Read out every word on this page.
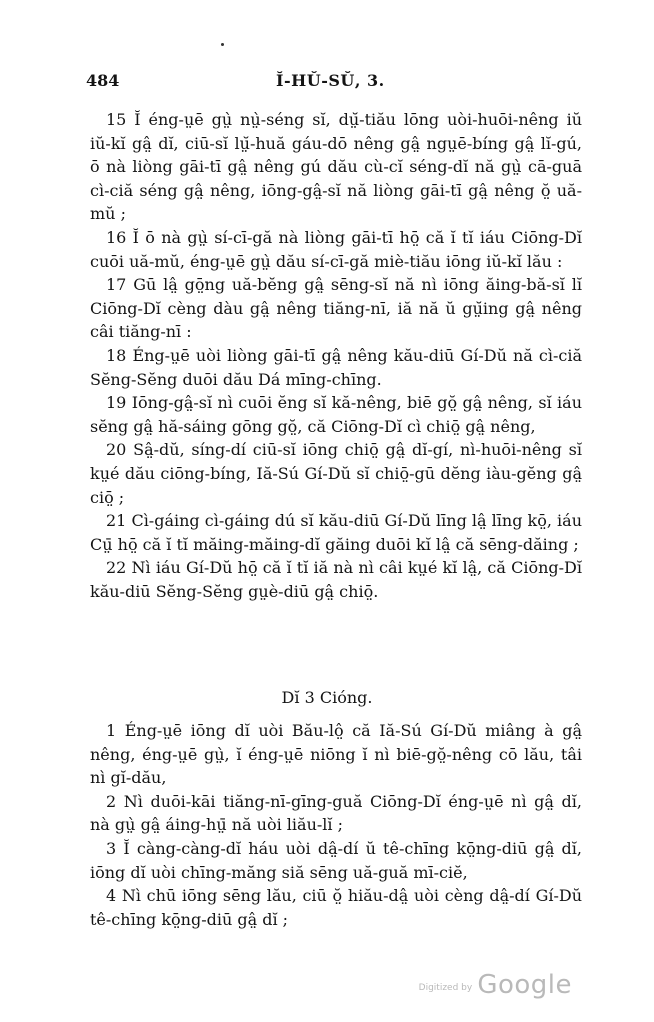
484	Ĭ-HŬ-SŬ, 3.

15 Ĭ éng-ṳē gṳ̀ nṳ̀-séng sĭ, dṳ̆-tiău lōng uòi-huōi-nêng iŭ iŭ-kĭ gâ̤ dĭ, ciū-sĭ lṳ̆-huă gáu-dō nêng gâ̤ ngṳē-bíng gâ̤ lĭ-gú, ō nà liòng gāi-tī gâ̤ nêng gú dău cù-cĭ séng-dĭ nă gṳ̀ cā-guā cì-ciă séng gâ̤ nêng, iōng-gâ̤-sĭ nă liòng gāi-tī gâ̤ nêng ŏ̤ uă-mŭ ;

16 Ĭ ō nà gṳ̀ sí-cī-gă nà liòng gāi-tī hō̤ că ĭ tĭ iáu Ciōng-Dĭ cuōi uă-mŭ, éng-ṳē gṳ̀ dău sí-cī-gă miè-tiău iōng iŭ-kĭ lău :

17 Gū lâ̤ gō̤ng uă-bĕng gâ̤ sēng-sĭ nă nì iōng ăing-bă-sĭ lĭ Ciōng-Dĭ cèng dàu gâ̤ nêng tiăng-nī, iă nă ŭ gṳ̆ing gâ̤ nêng câi tiăng-nī :

18 Éng-ṳē uòi liòng gāi-tī gâ̤ nêng kău-diū Gí-Dŭ nă cì-ciă Sĕng-Sĕng duōi dău Dá mīng-chīng.

19 Iōng-gâ̤-sĭ nì cuōi ĕng sĭ kă-nêng, biē gŏ̤ gâ̤ nêng, sĭ iáu sĕng gâ̤ hă-sáing gōng gŏ̤, că Ciōng-Dĭ cì chiō̤ gâ̤ nêng,

20 Sâ̤-dŭ, síng-dí ciū-sĭ iōng chiō̤ gâ̤ dĭ-gí, nì-huōi-nêng sĭ kṳé dău ciōng-bíng, Iă-Sú Gí-Dŭ sĭ chiō̤-gū dĕng iàu-gĕng gâ̤ ciō̤ ;

21 Cì-gáing cì-gáing dú sĭ kău-diū Gí-Dŭ līng lâ̤ līng kō̤, iáu Cṳ̄ hō̤ că ĭ tĭ măing-măing-dĭ găing duōi kĭ lâ̤ că sēng-dăing ;

22 Nì iáu Gí-Dŭ hō̤ că ĭ tĭ iă nà nì câi kṳé kĭ lâ̤, că Ciōng-Dĭ kău-diū Sĕng-Sĕng gṳè-diū gâ̤ chiō̤.

Dĭ 3 Cióng.

1 Éng-ṳē iōng dĭ uòi Bău-lô̤ că Iă-Sú Gí-Dŭ miâng à gâ̤ nêng, éng-ṳē gṳ̀, ĭ éng-ṳē niōng ĭ nì biē-gŏ̤-nêng cō lău, tâi nì gĭ-dău,

2 Nì duōi-kāi tiăng-nī-gīng-guă Ciōng-Dĭ éng-ṳē nì gâ̤ dĭ, nà gṳ̀ gâ̤ áing-hṳ̄ nă uòi liău-lĭ ;

3 Ĭ càng-càng-dĭ háu uòi dâ̤-dí ŭ tê-chīng kō̤ng-diū gâ̤ dĭ, iōng dĭ uòi chīng-măng siă sēng uă-guă mī-ciĕ,

4 Nì chū iōng sēng lău, ciū ŏ̤ hiău-dâ̤ uòi cèng dâ̤-dí Gí-Dŭ tê-chīng kō̤ng-diū gâ̤ dĭ ;

Digitized by Google
